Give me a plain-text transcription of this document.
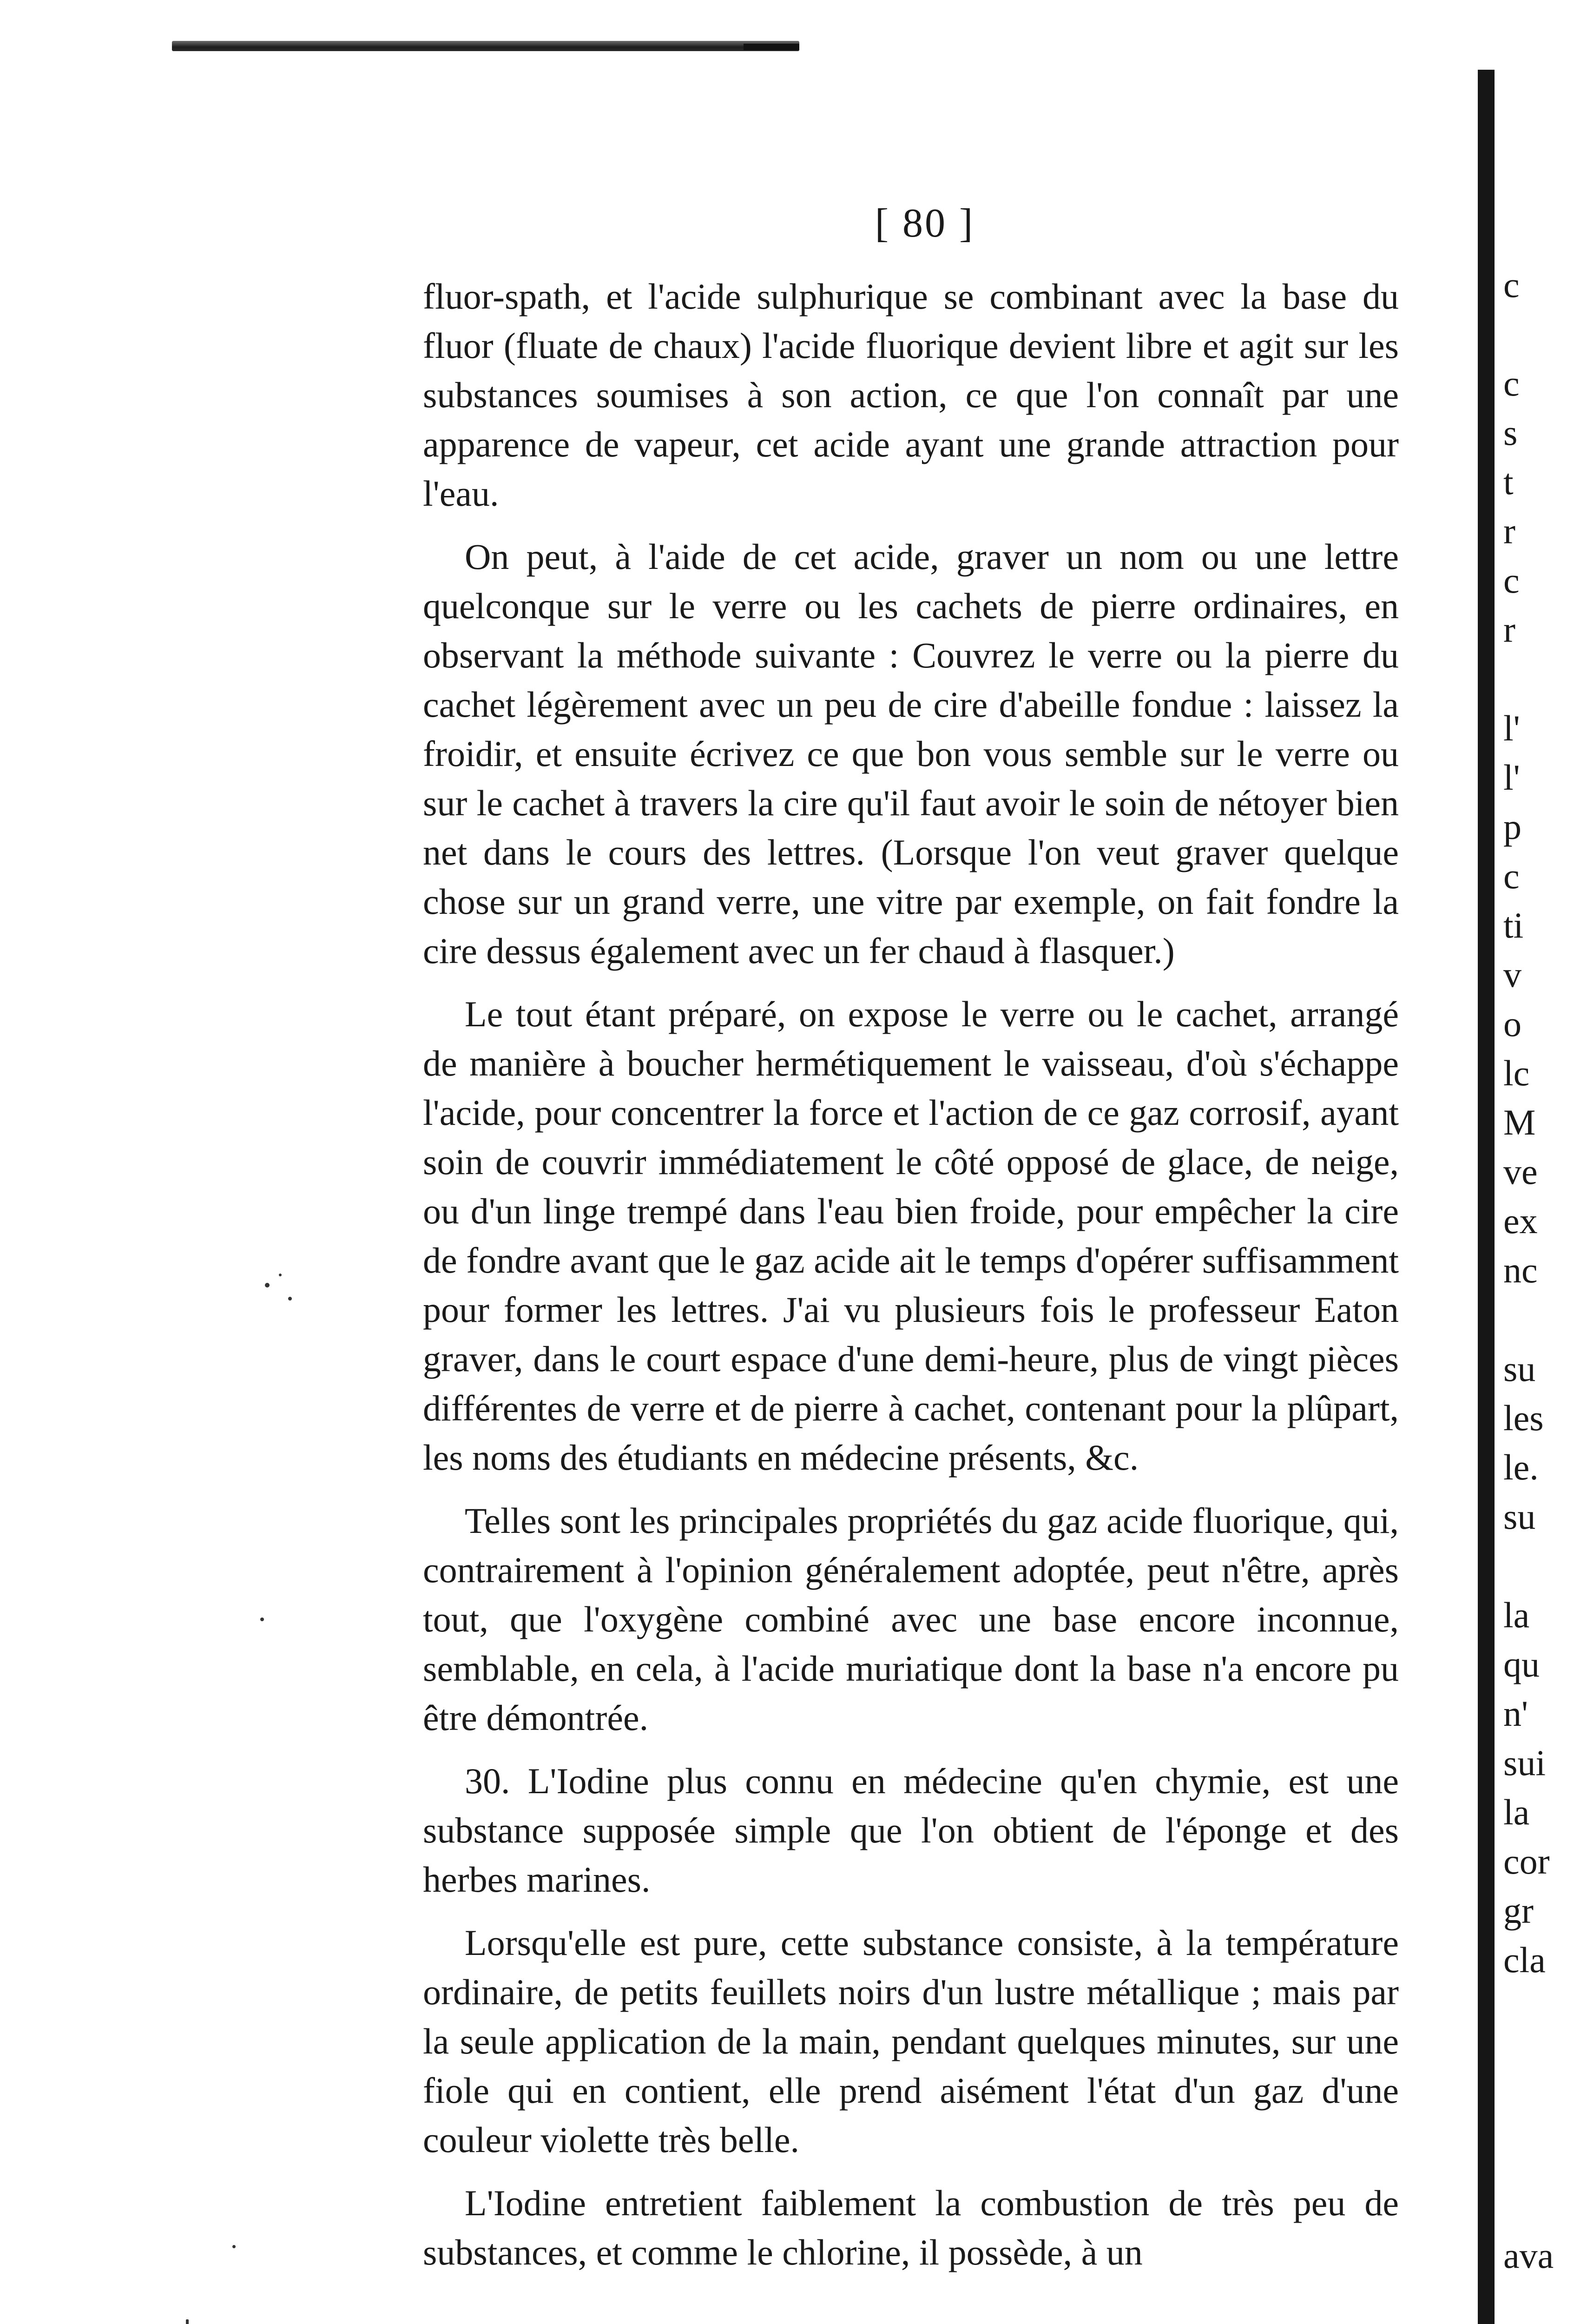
[ 80 ]

fluor-spath, et l'acide sulphurique se combinant avec la base du fluor (fluate de chaux) l'acide fluorique devient libre et agit sur les substances soumises à son action, ce que l'on connaît par une apparence de vapeur, cet acide ayant une grande attraction pour l'eau.

On peut, à l'aide de cet acide, graver un nom ou une lettre quelconque sur le verre ou les cachets de pierre ordinaires, en observant la méthode suivante : Couvrez le verre ou la pierre du cachet légèrement avec un peu de cire d'abeille fondue : laissez la froidir, et ensuite écrivez ce que bon vous semble sur le verre ou sur le cachet à travers la cire qu'il faut avoir le soin de nétoyer bien net dans le cours des lettres. (Lorsque l'on veut graver quelque chose sur un grand verre, une vitre par exemple, on fait fondre la cire dessus également avec un fer chaud à flasquer.)

Le tout étant préparé, on expose le verre ou le cachet, arrangé de manière à boucher hermétiquement le vaisseau, d'où s'échappe l'acide, pour concentrer la force et l'action de ce gaz corrosif, ayant soin de couvrir immédiatement le côté opposé de glace, de neige, ou d'un linge trempé dans l'eau bien froide, pour empêcher la cire de fondre avant que le gaz acide ait le temps d'opérer suffisamment pour former les lettres. J'ai vu plusieurs fois le professeur Eaton graver, dans le court espace d'une demi-heure, plus de vingt pièces différentes de verre et de pierre à cachet, contenant pour la plûpart, les noms des étudiants en médecine présents, &c.

Telles sont les principales propriétés du gaz acide fluorique, qui, contrairement à l'opinion généralement adoptée, peut n'être, après tout, que l'oxygène combiné avec une base encore inconnue, semblable, en cela, à l'acide muriatique dont la base n'a encore pu être démontrée.

30. L'Iodine plus connu en médecine qu'en chymie, est une substance supposée simple que l'on obtient de l'éponge et des herbes marines.

Lorsqu'elle est pure, cette substance consiste, à la température ordinaire, de petits feuillets noirs d'un lustre métallique ; mais par la seule application de la main, pendant quelques minutes, sur une fiole qui en contient, elle prend aisément l'état d'un gaz d'une couleur violette très belle.

L'Iodine entretient faiblement la combustion de très peu de substances, et comme le chlorine, il possède, à un

c

c
s
t
r
c
r

l'
l'
p
c
ti
v
o
lc
M
ve
ex
nc

su
les
le.
su

la
qu
n'
sui
la
cor
gr
cla

ava
